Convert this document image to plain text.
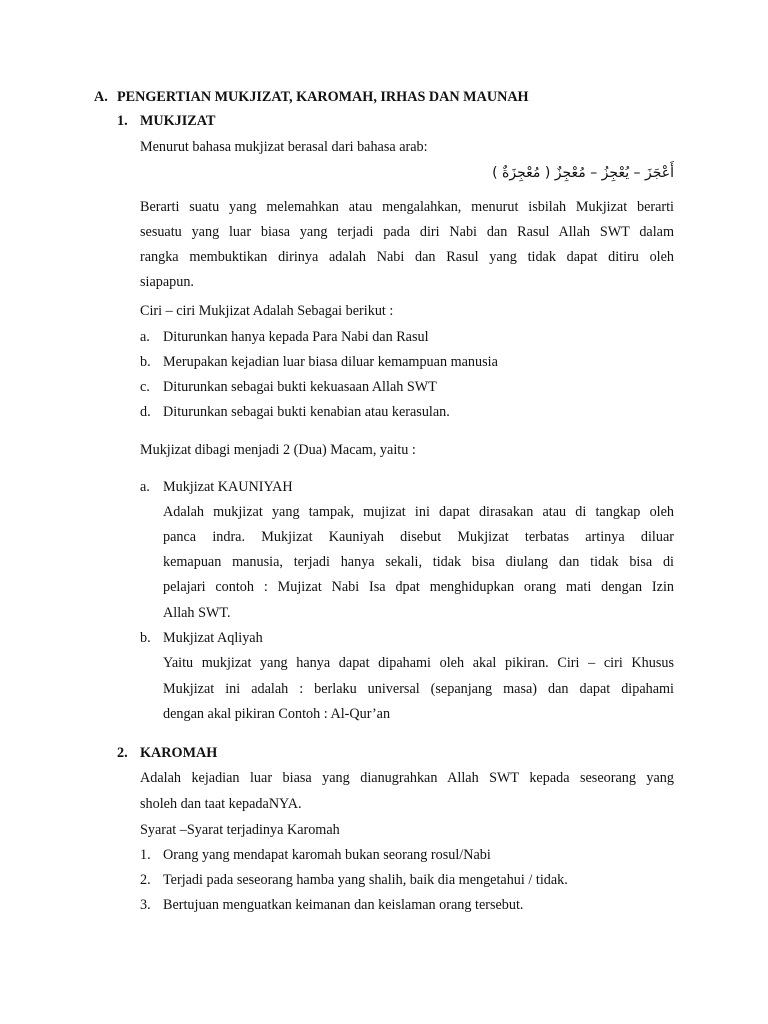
A. PENGERTIAN MUKJIZAT, KAROMAH, IRHAS DAN MAUNAH
1. MUKJIZAT
Menurut bahasa mukjizat berasal dari bahasa arab:
أَعْجَزَ – يُعْجِزُ – مُعْجِزٌ ( مُعْجِزَةٌ )
Berarti suatu yang melemahkan atau mengalahkan, menurut isbilah Mukjizat berarti
sesuatu yang luar biasa yang terjadi pada diri Nabi dan Rasul Allah SWT dalam
rangka membuktikan dirinya adalah Nabi dan Rasul yang tidak dapat ditiru oleh
siapapun.
Ciri – ciri Mukjizat Adalah Sebagai berikut :
a. Diturunkan hanya kepada Para Nabi dan Rasul
b. Merupakan kejadian luar biasa diluar kemampuan manusia
c. Diturunkan sebagai bukti kekuasaan Allah SWT
d. Diturunkan sebagai bukti kenabian atau kerasulan.
Mukjizat dibagi menjadi 2 (Dua) Macam, yaitu :
a. Mukjizat KAUNIYAH
Adalah mukjizat yang tampak, mujizat ini dapat dirasakan atau di tangkap oleh
panca indra. Mukjizat Kauniyah disebut Mukjizat terbatas artinya diluar
kemapuan manusia, terjadi hanya sekali, tidak bisa diulang dan tidak bisa di
pelajari contoh : Mujizat Nabi Isa dpat menghidupkan orang mati dengan Izin
Allah SWT.
b. Mukjizat Aqliyah
Yaitu mukjizat yang hanya dapat dipahami oleh akal pikiran. Ciri – ciri Khusus
Mukjizat ini adalah : berlaku universal (sepanjang masa) dan dapat dipahami
dengan akal pikiran Contoh : Al-Qur’an
2. KAROMAH
Adalah kejadian luar biasa yang dianugrahkan Allah SWT kepada seseorang yang
sholeh dan taat kepadaNYA.
Syarat –Syarat terjadinya Karomah
1. Orang yang mendapat karomah bukan seorang rosul/Nabi
2. Terjadi pada seseorang hamba yang shalih, baik dia mengetahui / tidak.
3. Bertujuan menguatkan keimanan dan keislaman orang tersebut.
